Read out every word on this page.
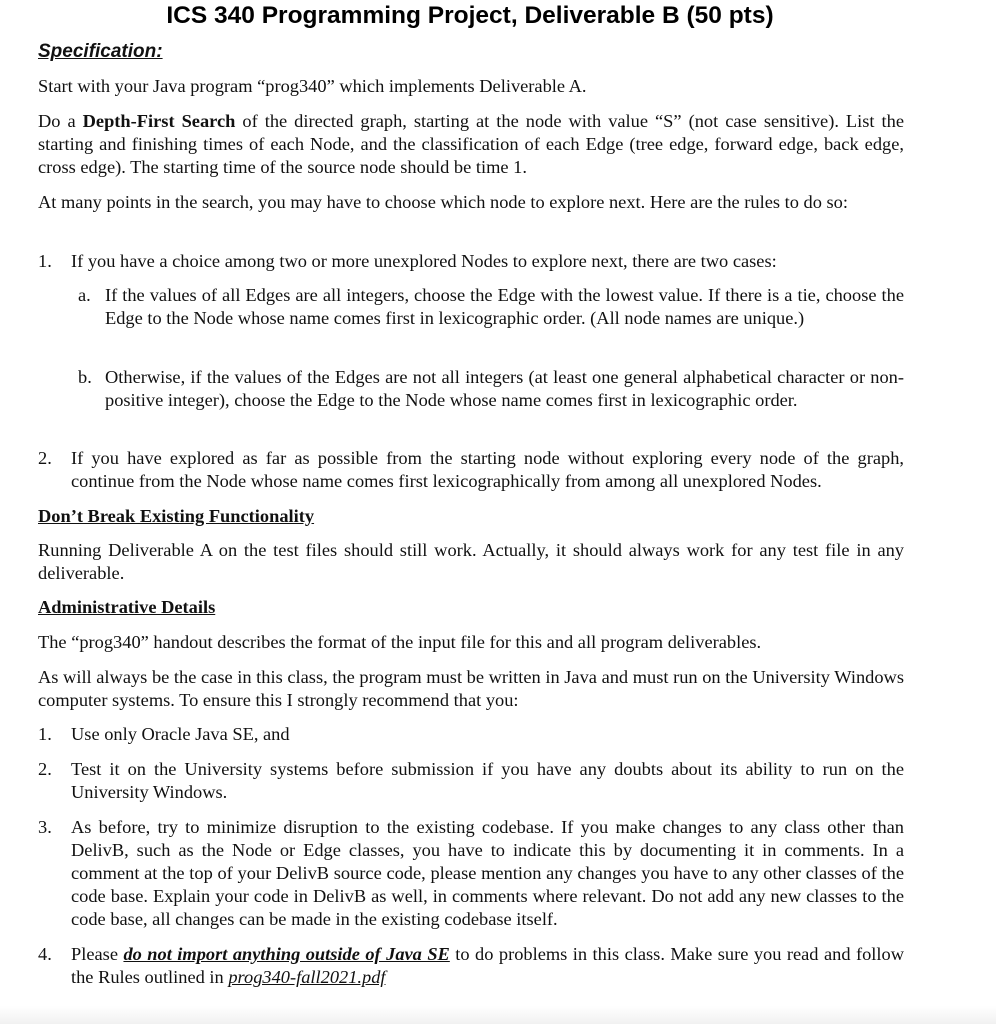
ICS 340 Programming Project, Deliverable B (50 pts)
Specification:

Start with your Java program “prog340” which implements Deliverable A.

Do a Depth-First Search of the directed graph, starting at the node with value “S” (not case sensitive). List the starting and finishing times of each Node, and the classification of each Edge (tree edge, forward edge, back edge, cross edge). The starting time of the source node should be time 1.

At many points in the search, you may have to choose which node to explore next. Here are the rules to do so:

1. If you have a choice among two or more unexplored Nodes to explore next, there are two cases:
a. If the values of all Edges are all integers, choose the Edge with the lowest value. If there is a tie, choose the Edge to the Node whose name comes first in lexicographic order. (All node names are unique.)
b. Otherwise, if the values of the Edges are not all integers (at least one general alphabetical character or non-positive integer), choose the Edge to the Node whose name comes first in lexicographic order.
2. If you have explored as far as possible from the starting node without exploring every node of the graph, continue from the Node whose name comes first lexicographically from among all unexplored Nodes.
Don’t Break Existing Functionality

Running Deliverable A on the test files should still work. Actually, it should always work for any test file in any deliverable.

Administrative Details

The “prog340” handout describes the format of the input file for this and all program deliverables.

As will always be the case in this class, the program must be written in Java and must run on the University Windows computer systems. To ensure this I strongly recommend that you:

1. Use only Oracle Java SE, and
2. Test it on the University systems before submission if you have any doubts about its ability to run on the University Windows.
3. As before, try to minimize disruption to the existing codebase. If you make changes to any class other than DelivB, such as the Node or Edge classes, you have to indicate this by documenting it in comments. In a comment at the top of your DelivB source code, please mention any changes you have to any other classes of the code base. Explain your code in DelivB as well, in comments where relevant. Do not add any new classes to the code base, all changes can be made in the existing codebase itself.
4. Please do not import anything outside of Java SE to do problems in this class. Make sure you read and follow the Rules outlined in prog340-fall2021.pdf
